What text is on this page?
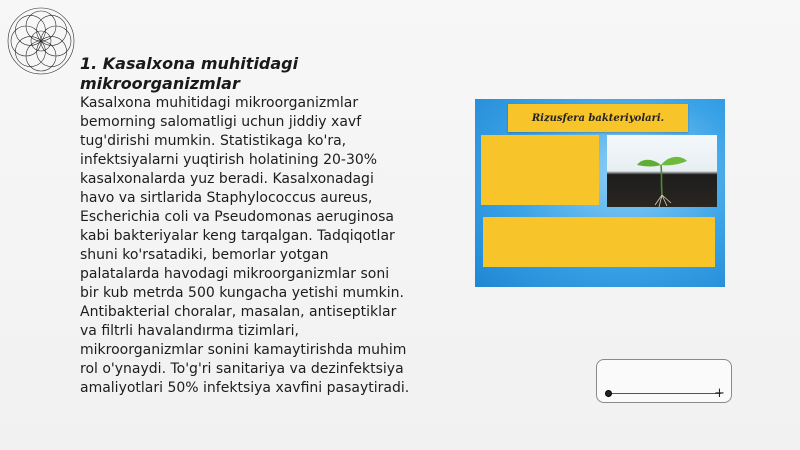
1. Kasalxona muhitidagi mikroorganizmlar

Kasalxona muhitidagi mikroorganizmlar bemorning salomatligi uchun jiddiy xavf tug'dirishi mumkin. Statistikaga ko'ra, infektsiyalarni yuqtirish holatining 20-30% kasalxonalarda yuz beradi. Kasalxonadagi havo va sirtlarida Staphylococcus aureus, Escherichia coli va Pseudomonas aeruginosa kabi bakteriyalar keng tarqalgan. Tadqiqotlar shuni ko'rsatadiki, bemorlar yotgan palatalarda havodagi mikroorganizmlar soni bir kub metrda 500 kungacha yetishi mumkin. Antibakterial choralar, masalan, antiseptiklar va filtrli havalandırma tizimlari, mikroorganizmlar sonini kamaytirishda muhim rol o'ynaydi. To'g'ri sanitariya va dezinfektsiya amaliyotlari 50% infektsiya xavfini pasaytiradi.

Rizusfera bakteriyolari.
+
